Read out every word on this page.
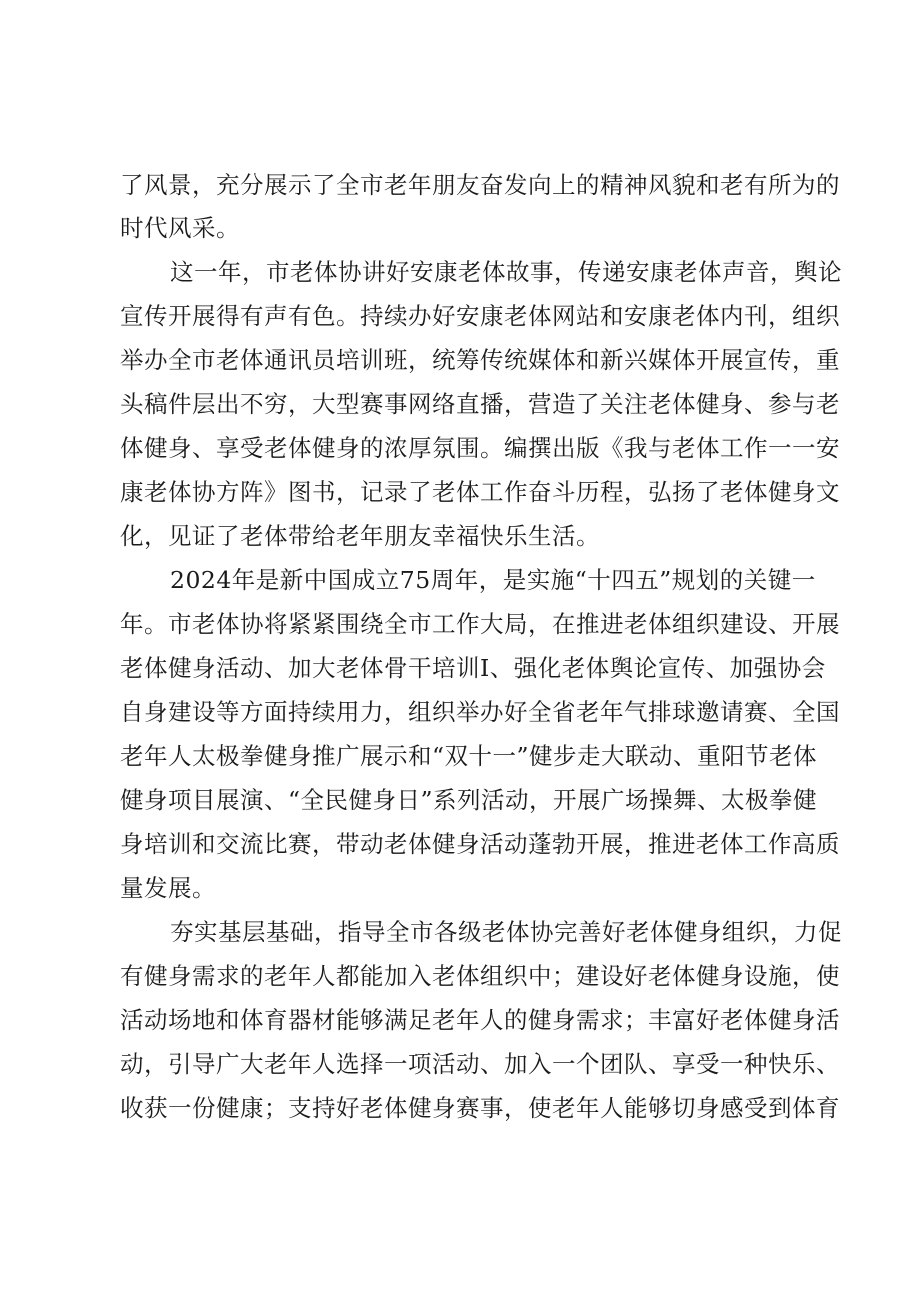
了风景，充分展示了全市老年朋友奋发向上的精神风貌和老有所为的
时代风采。
这一年，市老体协讲好安康老体故事，传递安康老体声音，舆论
宣传开展得有声有色。持续办好安康老体网站和安康老体内刊，组织
举办全市老体通讯员培训班，统筹传统媒体和新兴媒体开展宣传，重
头稿件层出不穷，大型赛事网络直播，营造了关注老体健身、参与老
体健身、享受老体健身的浓厚氛围。编撰出版《我与老体工作一一安
康老体协方阵》图书，记录了老体工作奋斗历程，弘扬了老体健身文
化，见证了老体带给老年朋友幸福快乐生活。
2024年是新中国成立75周年，是实施“十四五”规划的关键一
年。市老体协将紧紧围绕全市工作大局，在推进老体组织建设、开展
老体健身活动、加大老体骨干培训I、强化老体舆论宣传、加强协会
自身建设等方面持续用力，组织举办好全省老年气排球邀请赛、全国
老年人太极拳健身推广展示和“双十一”健步走大联动、重阳节老体
健身项目展演、“全民健身日”系列活动，开展广场操舞、太极拳健
身培训和交流比赛，带动老体健身活动蓬勃开展，推进老体工作高质
量发展。
夯实基层基础，指导全市各级老体协完善好老体健身组织，力促
有健身需求的老年人都能加入老体组织中；建设好老体健身设施，使
活动场地和体育器材能够满足老年人的健身需求；丰富好老体健身活
动，引导广大老年人选择一项活动、加入一个团队、享受一种快乐、
收获一份健康；支持好老体健身赛事，使老年人能够切身感受到体育
